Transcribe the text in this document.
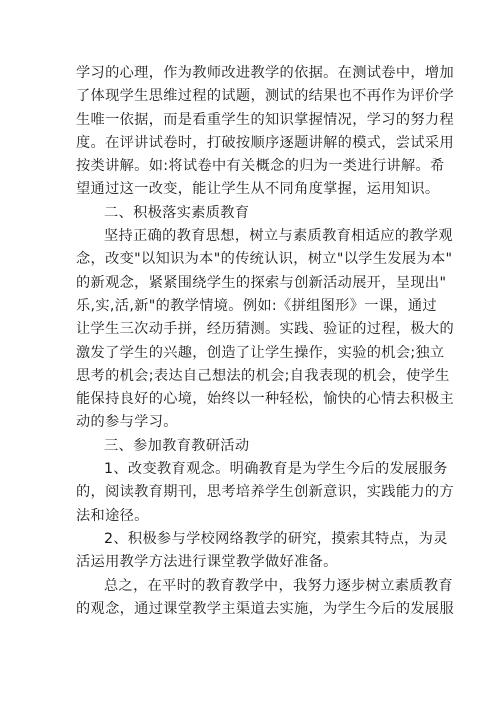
学习的心理，作为教师改进教学的依据。在测试卷中，增加
了体现学生思维过程的试题，测试的结果也不再作为评价学
生唯一依据，而是看重学生的知识掌握情况，学习的努力程
度。在评讲试卷时，打破按顺序逐题讲解的模式，尝试采用
按类讲解。如:将试卷中有关概念的归为一类进行讲解。希
望通过这一改变，能让学生从不同角度掌握，运用知识。
二、积极落实素质教育
坚持正确的教育思想，树立与素质教育相适应的教学观
念，改变"以知识为本"的传统认识，树立"以学生发展为本"
的新观念，紧紧围绕学生的探索与创新活动展开，呈现出"
乐,实,活,新"的教学情境。例如:《拼组图形》一课，通过
让学生三次动手拼，经历猜测。实践、验证的过程，极大的
激发了学生的兴趣，创造了让学生操作，实验的机会;独立
思考的机会;表达自己想法的机会;自我表现的机会，使学生
能保持良好的心境，始终以一种轻松，愉快的心情去积极主
动的参与学习。
三、参加教育教研活动
1、改变教育观念。明确教育是为学生今后的发展服务
的，阅读教育期刊，思考培养学生创新意识，实践能力的方
法和途径。
2、积极参与学校网络教学的研究，摸索其特点，为灵
活运用教学方法进行课堂教学做好准备。
总之，在平时的教育教学中，我努力逐步树立素质教育
的观念，通过课堂教学主渠道去实施，为学生今后的发展服
